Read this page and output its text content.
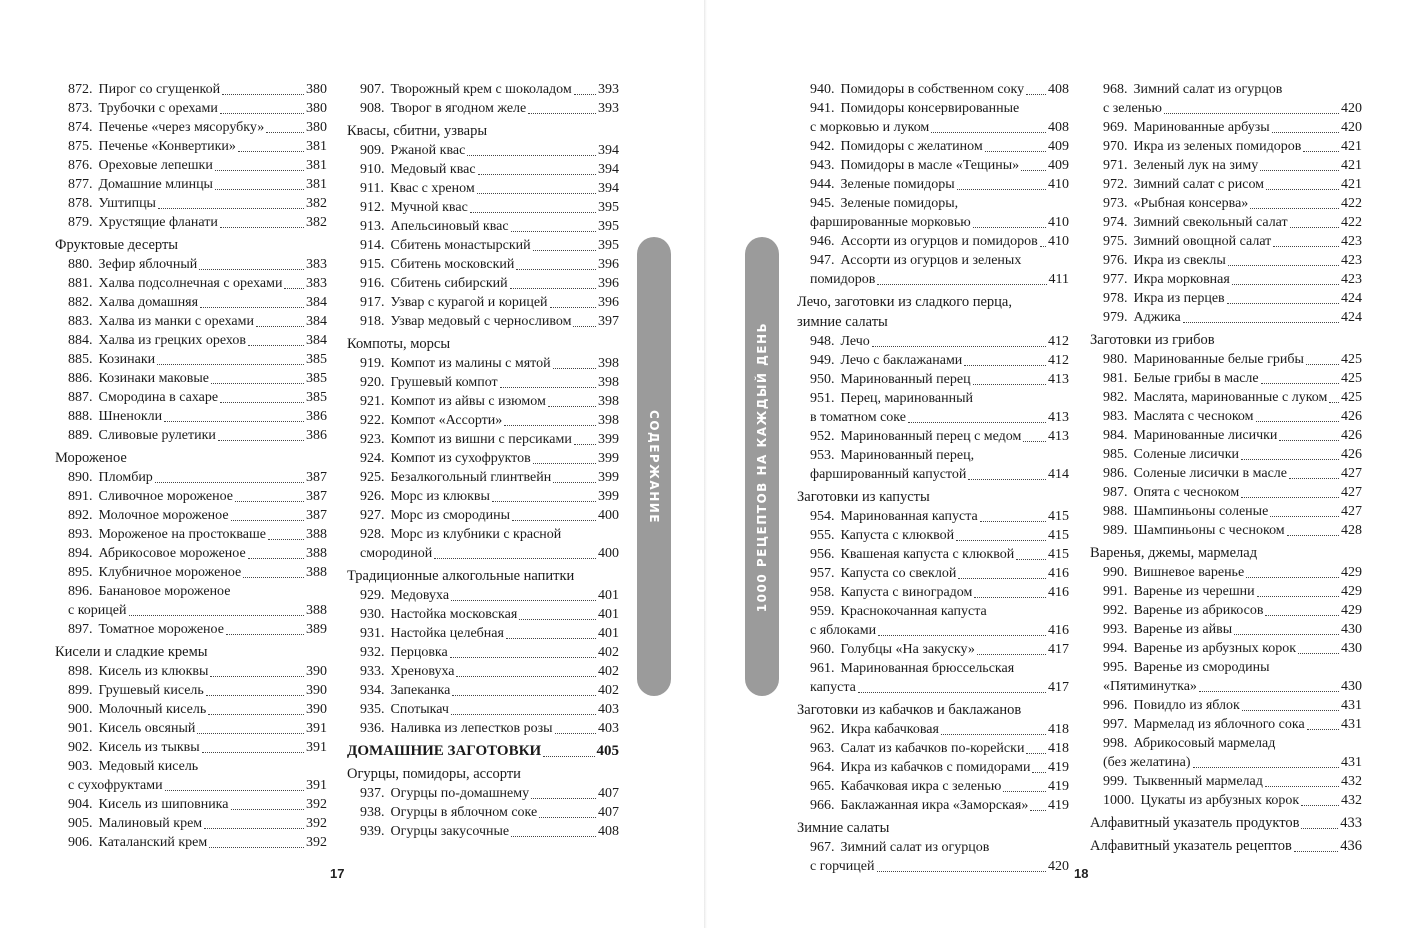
872. Пирог со сгущенкой	380
873. Трубочки с орехами	380
874. Печенье «через мясорубку»	380
875. Печенье «Конвертики»	381
876. Ореховые лепешки	381
877. Домашние млинцы	381
878. Уштипцы	382
879. Хрустящие фланати	382
Фруктовые десерты
880. Зефир яблочный	383
881. Халва подсолнечная с орехами 383
882. Халва домашняя	384
883. Халва из манки с орехами	384
884. Халва из грецких орехов	384
885. Козинаки	385
886. Козинаки маковые	385
887. Смородина в сахаре	385
888. Шненокли	386
889. Сливовые рулетики	386
Мороженое
890. Пломбир	387
891. Сливочное мороженое	387
892. Молочное мороженое	387
893. Мороженое на простокваше	388
894. Абрикосовое мороженое	388
895. Клубничное мороженое	388
896. Банановое мороженое
с корицей	388
897. Томатное мороженое	389
Кисели и сладкие кремы
898. Кисель из клюквы	390
899. Грушевый кисель	390
900. Молочный кисель	390
901. Кисель овсяный	391
902. Кисель из тыквы	391
903. Медовый кисель
с сухофруктами	391
904. Кисель из шиповника	392
905. Малиновый крем	392
906. Каталанский крем	392
907. Творожный крем с шоколадом 393
908. Творог в ягодном желе	393
Квасы, сбитни, узвары
909. Ржаной квас	394
910. Медовый квас	394
911. Квас с хреном	394
912. Мучной квас	395
913. Апельсиновый квас	395
914. Сбитень монастырский	395
915. Сбитень московский	396
916. Сбитень сибирский	396
917. Узвар с курагой и корицей	396
918. Узвар медовый с черносливом 397
Компоты, морсы
919. Компот из малины с мятой	398
920. Грушевый компот	398
921. Компот из айвы с изюмом	398
922. Компот «Ассорти»	398
923. Компот из вишни с персиками 399
924. Компот из сухофруктов	399
925. Безалкогольный глинтвейн	399
926. Морс из клюквы	399
927. Морс из смородины	400
928. Морс из клубники с красной
смородиной	400
Традиционные алкогольные напитки
929. Медовуха	401
930. Настойка московская	401
931. Настойка целебная	401
932. Перцовка	402
933. Хреновуха	402
934. Запеканка	402
935. Спотыкач	403
936. Наливка из лепестков розы	403
ДОМАШНИЕ ЗАГОТОВКИ	405
Огурцы, помидоры, ассорти
937. Огурцы по-домашнему	407
938. Огурцы в яблочном соке	407
939. Огурцы закусочные	408
СОДЕРЖАНИЕ
17
1000 РЕЦЕПТОВ НА КАЖДЫЙ ДЕНЬ
940. Помидоры в собственном соку 408
941. Помидоры консервированные
с морковью и луком	408
942. Помидоры с желатином	409
943. Помидоры в масле «Тещины» 409
944. Зеленые помидоры	410
945. Зеленые помидоры,
фаршированные морковью	410
946. Ассорти из огурцов и помидоров 410
947. Ассорти из огурцов и зеленых
помидоров	411
Лечо, заготовки из сладкого перца,
зимние салаты
948. Лечо	412
949. Лечо с баклажанами	412
950. Маринованный перец	413
951. Перец, маринованный
в томатном соке	413
952. Маринованный перец с медом 413
953. Маринованный перец,
фаршированный капустой	414
Заготовки из капусты
954. Маринованная капуста	415
955. Капуста с клюквой	415
956. Квашеная капуста с клюквой 415
957. Капуста со свеклой	416
958. Капуста с виноградом	416
959. Краснокочанная капуста
с яблоками	416
960. Голубцы «На закуску»	417
961. Маринованная брюссельская
капуста	417
Заготовки из кабачков и баклажанов
962. Икра кабачковая	418
963. Салат из кабачков по-корейски 418
964. Икра из кабачков с помидорами 419
965. Кабачковая икра с зеленью	419
966. Баклажанная икра «Заморская» 419
Зимние салаты
967. Зимний салат из огурцов
с горчицей	420
968. Зимний салат из огурцов
с зеленью	420
969. Маринованные арбузы	420
970. Икра из зеленых помидоров	421
971. Зеленый лук на зиму	421
972. Зимний салат с рисом	421
973. «Рыбная консерва»	422
974. Зимний свекольный салат	422
975. Зимний овощной салат	423
976. Икра из свеклы	423
977. Икра морковная	423
978. Икра из перцев	424
979. Аджика	424
Заготовки из грибов
980. Маринованные белые грибы	425
981. Белые грибы в масле	425
982. Маслята, маринованные с луком 425
983. Маслята с чесноком	426
984. Маринованные лисички	426
985. Соленые лисички	426
986. Соленые лисички в масле	427
987. Опята с чесноком	427
988. Шампиньоны соленые	427
989. Шампиньоны с чесноком	428
Варенья, джемы, мармелад
990. Вишневое варенье	429
991. Варенье из черешни	429
992. Варенье из абрикосов	429
993. Варенье из айвы	430
994. Варенье из арбузных корок	430
995. Варенье из смородины
«Пятиминутка»	430
996. Повидло из яблок	431
997. Мармелад из яблочного сока	431
998. Абрикосовый мармелад
(без желатина)	431
999. Тыквенный мармелад	432
1000. Цукаты из арбузных корок	432
Алфавитный указатель продуктов	433
Алфавитный указатель рецептов	436
18
